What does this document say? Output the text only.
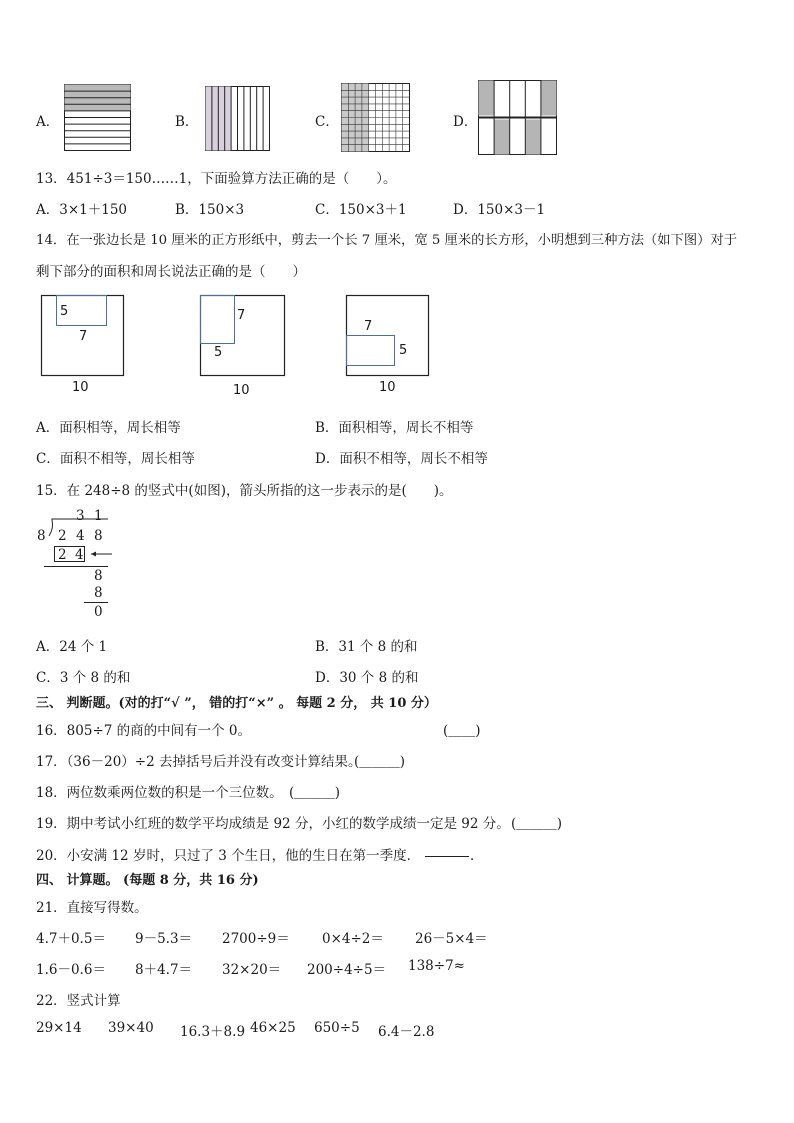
A．	B．	C．	D．
13．451÷3＝150……1，下面验算方法正确的是（　　）。
A．3×1＋150	B．150×3	C．150×3＋1	D．150×3－1
14．在一张边长是 10 厘米的正方形纸中，剪去一个长 7 厘米，宽 5 厘米的长方形，小明想到三种方法（如下图）对于
剩下部分的面积和周长说法正确的是（　　）
5
7
10
7
5
10
7
5
10
A．面积相等，周长相等	B．面积相等，周长不相等
C．面积不相等，周长相等	D．面积不相等，周长不相等
15．在 248÷8 的竖式中(如图)，箭头所指的这一步表示的是(　　)。
3 1
8 2 4 8
2 4
8
8
0
A．24 个 1	B．31 个 8 的和
C．3 个 8 的和	D．30 个 8 的和
三、 判断题。(对的打“√ ”， 错的打“×” 。 每题 2 分， 共 10 分）
16．805÷7 的商的中间有一个 0。	(＿＿)
17．（36－20）÷2 去掉括号后并没有改变计算结果。
(＿＿＿)
18．两位数乘两位数的积是一个三位数。 (＿＿＿)
19．期中考试小红班的数学平均成绩是 92 分，小红的数学成绩一定是 92 分。 (＿＿＿)
20．小安满 12 岁时，只过了 3 个生日，他的生日在第一季度．	．
四、 计算题。 (每题 8 分，共 16 分)
21．直接写得数。
4.7＋0.5＝ 9－5.3＝ 2700÷9＝ 0×4÷2＝ 26－5×4＝
1.6－0.6＝ 8＋4.7＝ 32×20＝ 200÷4÷5＝ 138÷7≈
22．竖式计算
29×14 39×40 16.3＋8.9 46×25 650÷5 6.4－2.8
